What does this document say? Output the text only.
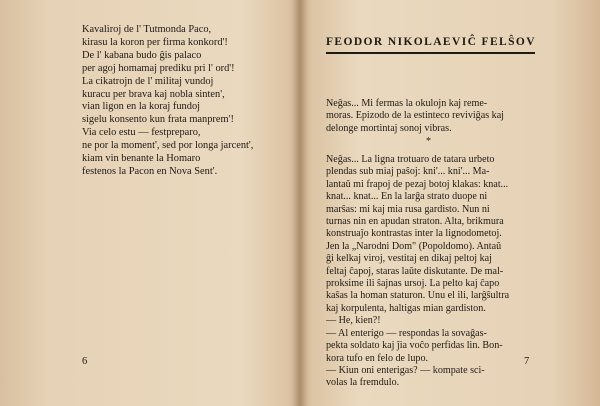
Kavaliroj de l' Tutmonda Paco,
kirasu la koron per firma konkord'!
De l' kabana budo ĝis palaco
per agoj homamaj prediku pri l' ord'!
La cikatrojn de l' militaj vundoj
kuracu per brava kaj nobla sinten',
vian ligon en la koraj fundoj
sigelu konsento kun frata manprem'!
Via celo estu — festpreparo,
ne por la moment', sed por longa jarcent',
kiam vin benante la Homaro
festenos la Pacon en Nova Sent'.
6
FEODOR NIKOLAEVIĈ FELŜOV
Neĝas... Mi fermas la okulojn kaj reme-
moras. Epizodo de la estinteco reviviĝas kaj
delonge mortintaj sonoj vibras.
*
Neĝas... La ligna trotuaro de tatara urbeto
plendas sub miaj paŝoj: kni'... kni'... Ma-
lantaŭ mi frapoj de pezaj botoj klakas: knat...
knat... knat... En la larĝa strato duope ni
marŝas: mi kaj mia rusa gardisto. Nun ni
turnas nin en apudan straton. Alta, brikmura
konstruaĵo kontrastas inter la lignodometoj.
Jen la „Narodni Dom" (Popoldomo). Antaŭ
ĝi kelkaj viroj, vestitaj en dikaj peltoj kaj
feltaj ĉapoj, staras laŭte diskutante. De mal-
proksime ili ŝajnas ursoj. La pelto kaj ĉapo
kaŝas la homan staturon. Unu el ili, larĝŝultra
kaj korpulenta, haltigas mian gardiston.
— He, kien?!
— Al enterigo — respondas la sovaĝas-
pekta soldato kaj ĵia voĉo perfidas lin. Bon-
kora tufo en felo de lupo.
— Kiun oni enterigas? — kompate sci-
volas la fremdulo.
7
